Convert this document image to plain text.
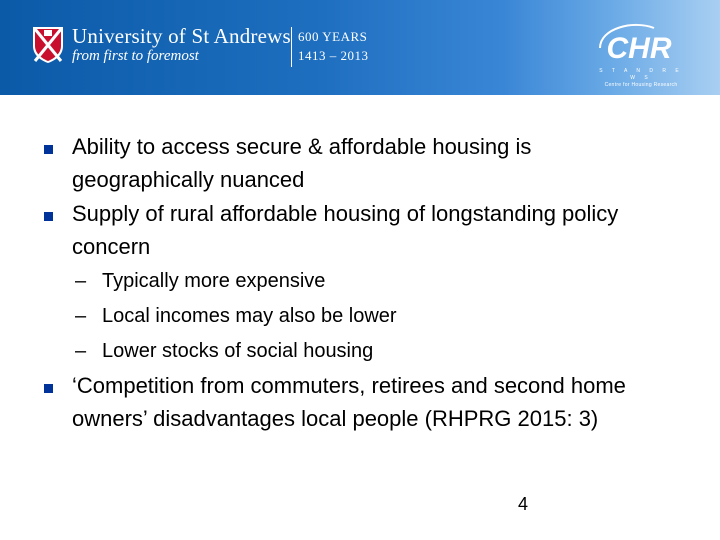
University of St Andrews
from first to foremost
600 YEARS
1413 – 2013	CHR
S T A N D R E W S
Centre for Housing Research
Ability to access secure & affordable housing is geographically nuanced
Supply of rural affordable housing of longstanding policy concern
– Typically more expensive
– Local incomes may also be lower
– Lower stocks of social housing
‘Competition from commuters, retirees and second home owners’ disadvantages local people (RHPRG 2015: 3)
4
